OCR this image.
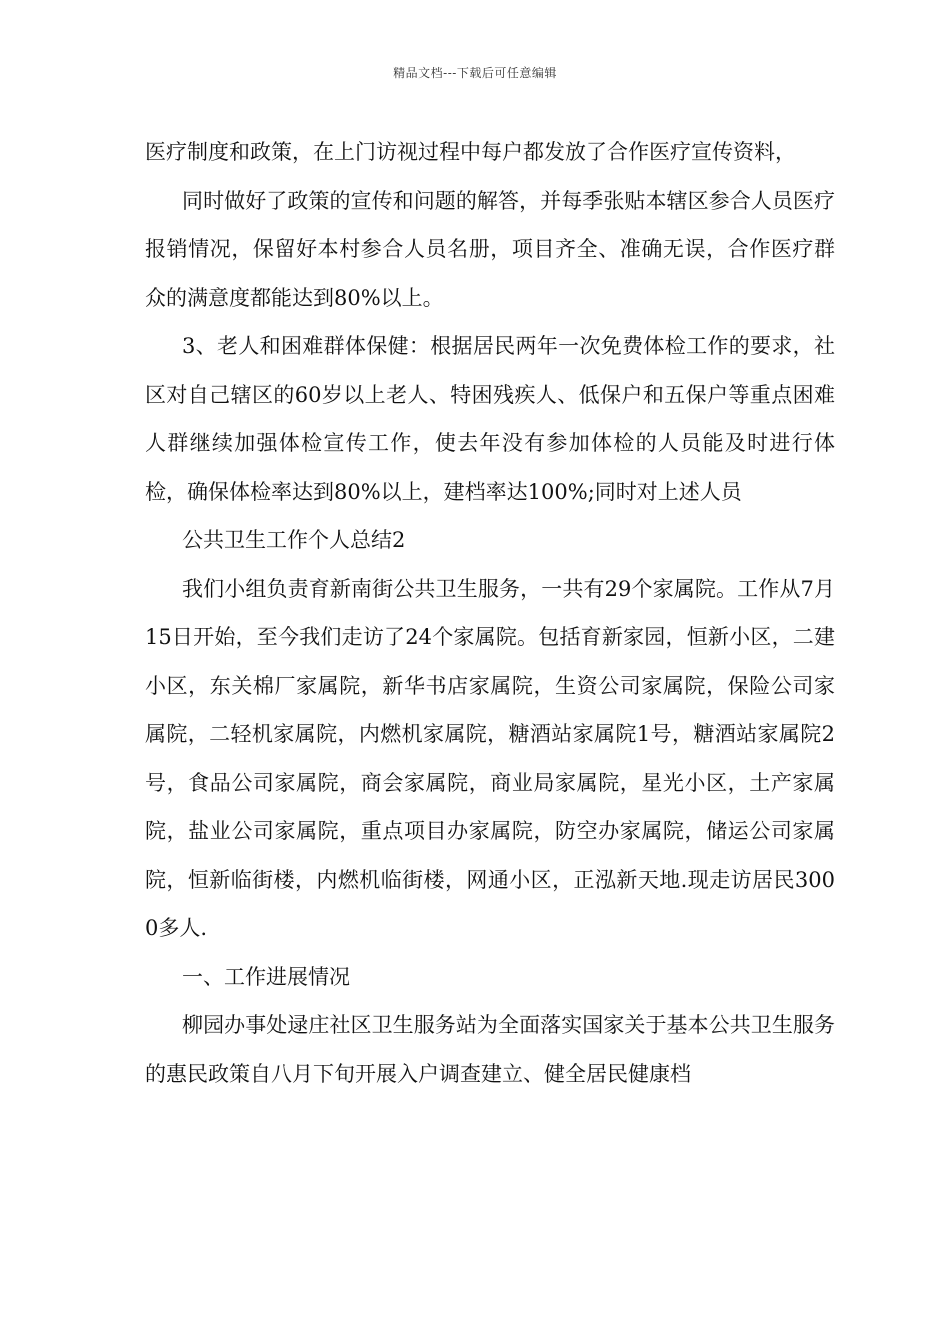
精品文档---下载后可任意编辑

医疗制度和政策，在上门访视过程中每户都发放了合作医疗宣传资料，

同时做好了政策的宣传和问题的解答，并每季张贴本辖区参合人员医疗报销情况，保留好本村参合人员名册，项目齐全、准确无误，合作医疗群众的满意度都能达到80%以上。

3、老人和困难群体保健：根据居民两年一次免费体检工作的要求，社区对自己辖区的60岁以上老人、特困残疾人、低保户和五保户等重点困难人群继续加强体检宣传工作，使去年没有参加体检的人员能及时进行体检，确保体检率达到80%以上，建档率达100%;同时对上述人员

公共卫生工作个人总结2

我们小组负责育新南街公共卫生服务，一共有29个家属院。工作从7月15日开始，至今我们走访了24个家属院。包括育新家园，恒新小区，二建小区，东关棉厂家属院，新华书店家属院，生资公司家属院，保险公司家属院，二轻机家属院，内燃机家属院，糖酒站家属院1号，糖酒站家属院2号，食品公司家属院，商会家属院，商业局家属院，星光小区，土产家属院，盐业公司家属院，重点项目办家属院，防空办家属院，储运公司家属院，恒新临街楼，内燃机临街楼，网通小区，正泓新天地.现走访居民3000多人.

一、工作进展情况

柳园办事处逯庄社区卫生服务站为全面落实国家关于基本公共卫生服务的惠民政策自八月下旬开展入户调查建立、健全居民健康档
